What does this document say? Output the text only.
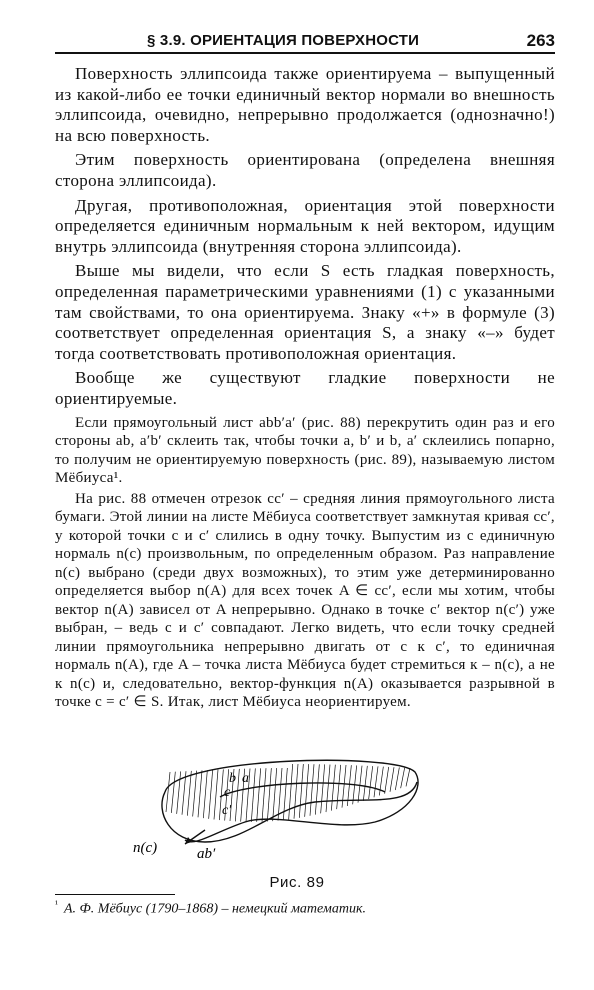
§ 3.9. ОРИЕНТАЦИЯ ПОВЕРХНОСТИ	263

Поверхность эллипсоида также ориентируема – выпущенный из какой-либо ее точки единичный вектор нормали во внешность эллипсоида, очевидно, непрерывно продолжается (однозначно!) на всю поверхность.

Этим поверхность ориентирована (определена внешняя сторона эллипсоида).

Другая, противоположная, ориентация этой поверхности определяется единичным нормальным к ней вектором, идущим внутрь эллипсоида (внутренняя сторона эллипсоида).

Выше мы видели, что если S есть гладкая поверхность, определенная параметрическими уравнениями (1) с указанными там свойствами, то она ориентируема. Знаку «+» в формуле (3) соответствует определенная ориентация S, а знаку «–» будет тогда соответствовать противоположная ориентация.

Вообще же существуют гладкие поверхности не ориентируемые.

Если прямоугольный лист abb′a′ (рис. 88) перекрутить один раз и его стороны ab, a′b′ склеить так, чтобы точки a, b′ и b, a′ склеились попарно, то получим не ориентируемую поверхность (рис. 89), называемую листом Мёбиуса¹.

На рис. 88 отмечен отрезок cc′ – средняя линия прямоугольного листа бумаги. Этой линии на листе Мёбиуса соответствует замкнутая кривая cc′, у которой точки c и c′ слились в одну точку. Выпустим из c единичную нормаль n(c) произвольным, по определенным образом. Раз направление n(c) выбрано (среди двух возможных), то этим уже детерминированно определяется выбор n(A) для всех точек A ∈ cc′, если мы хотим, чтобы вектор n(A) зависел от A непрерывно. Однако в точке c′ вектор n(c′) уже выбран, – ведь c и c′ совпадают. Легко видеть, что если точку средней линии прямоугольника непрерывно двигать от c к c′, то единичная нормаль n(A), где A – точка листа Мёбиуса будет стремиться к – n(c), а не к n(c) и, следовательно, вектор-функция n(A) оказывается разрывной в точке c = c′ ∈ S. Итак, лист Мёбиуса неориентируем.

n(c)	ab′
b a
c
c′
Рис. 89
$^{^1}$ А. Ф. Мёбиус (1790–1868) – немецкий математик.
